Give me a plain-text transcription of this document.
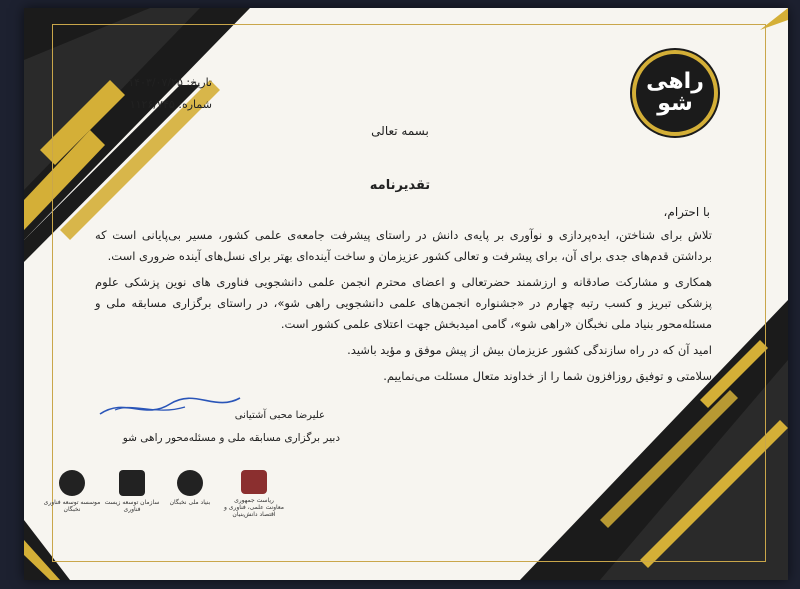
راهی شو
تاریخ: ۱۴۰۳/۰۷/۲۵
شماره: ۱۱۲۶/۷۴۵
بسمه تعالی
تقدیرنامه
با احترام،
تلاش برای شناختن، ایده‌پردازی و نوآوری بر پایه‌ی دانش در راستای پیشرفت جامعه‌ی علمی کشور، مسیر بی‌پایانی است که برداشتن قدم‌های جدی برای آن، برای پیشرفت و تعالی کشور عزیزمان و ساخت آینده‌ای بهتر برای نسل‌های آینده ضروری است.
همکاری و مشارکت صادقانه و ارزشمند حضرتعالی و اعضای محترم انجمن علمی دانشجویی فناوری های نوین پزشکی علوم پزشکی تبریز و کسب رتبه چهارم در «جشنواره انجمن‌های علمی دانشجویی راهی شو»، در راستای برگزاری مسابقه ملی و مسئله‌محور بنیاد ملی نخبگان «راهی شو»، گامی امیدبخش جهت اعتلای علمی کشور است.
امید آن که در راه سازندگی کشور عزیزمان بیش از پیش موفق و مؤید باشید.
سلامتی و توفیق روزافزون شما را از خداوند متعال مسئلت می‌نماییم.
علیرضا محبی آشتیانی
دبیر برگزاری مسابقه ملی و مسئله‌محور راهی شو
ریاست جمهوری معاونت علمی، فناوری و اقتصاد دانش‌بنیان
بنیاد ملی نخبگان
سازمان توسعه زیست فناوری
موسسه توسعه فناوری نخبگان
